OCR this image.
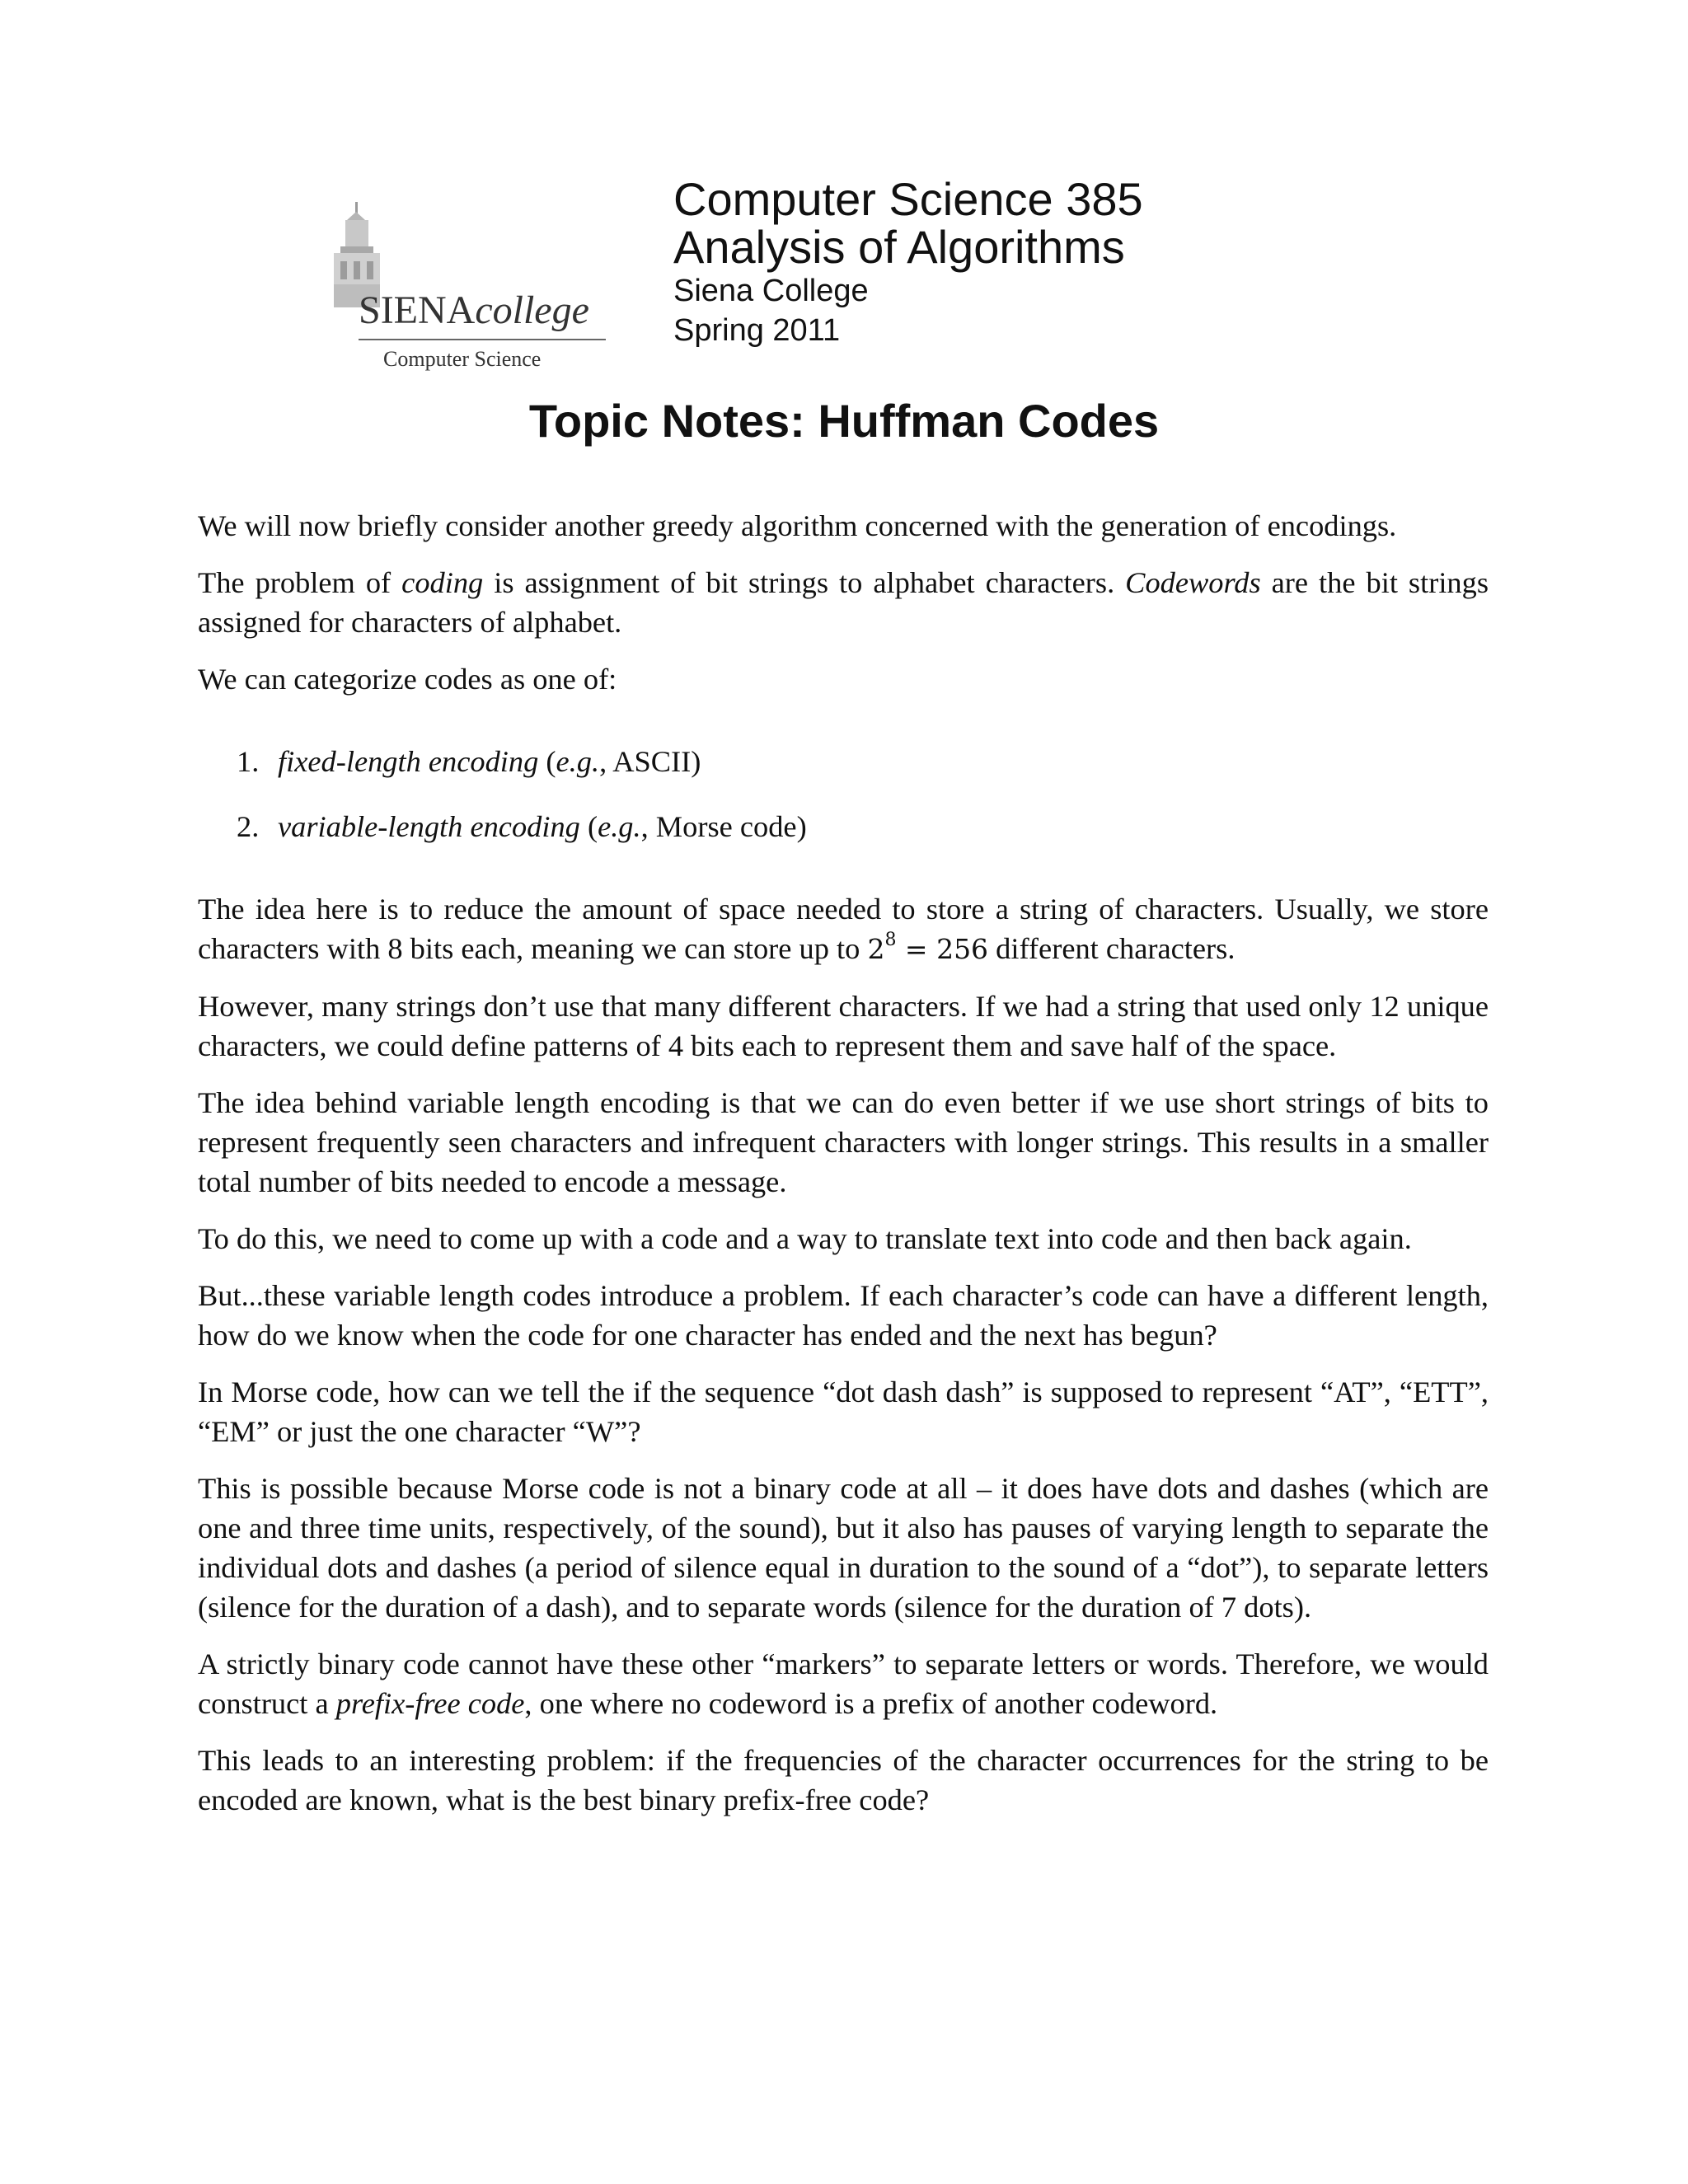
SIENAcollege
Computer Science
Computer Science 385
Analysis of Algorithms
Siena College
Spring 2011
Topic Notes: Huffman Codes

We will now briefly consider another greedy algorithm concerned with the generation of encodings.

The problem of coding is assignment of bit strings to alphabet characters. Codewords are the bit strings assigned for characters of alphabet.

We can categorize codes as one of:

1. fixed-length encoding (e.g., ASCII)
2. variable-length encoding (e.g., Morse code)

The idea here is to reduce the amount of space needed to store a string of characters. Usually, we store characters with 8 bits each, meaning we can store up to $2^8 = 256$ different characters.

However, many strings don’t use that many different characters. If we had a string that used only 12 unique characters, we could define patterns of 4 bits each to represent them and save half of the space.

The idea behind variable length encoding is that we can do even better if we use short strings of bits to represent frequently seen characters and infrequent characters with longer strings. This results in a smaller total number of bits needed to encode a message.

To do this, we need to come up with a code and a way to translate text into code and then back again.

But...these variable length codes introduce a problem. If each character’s code can have a different length, how do we know when the code for one character has ended and the next has begun?

In Morse code, how can we tell the if the sequence “dot dash dash” is supposed to represent “AT”, “ETT”, “EM” or just the one character “W”?

This is possible because Morse code is not a binary code at all – it does have dots and dashes (which are one and three time units, respectively, of the sound), but it also has pauses of varying length to separate the individual dots and dashes (a period of silence equal in duration to the sound of a “dot”), to separate letters (silence for the duration of a dash), and to separate words (silence for the duration of 7 dots).

A strictly binary code cannot have these other “markers” to separate letters or words. Therefore, we would construct a prefix-free code, one where no codeword is a prefix of another codeword.

This leads to an interesting problem: if the frequencies of the character occurrences for the string to be encoded are known, what is the best binary prefix-free code?
